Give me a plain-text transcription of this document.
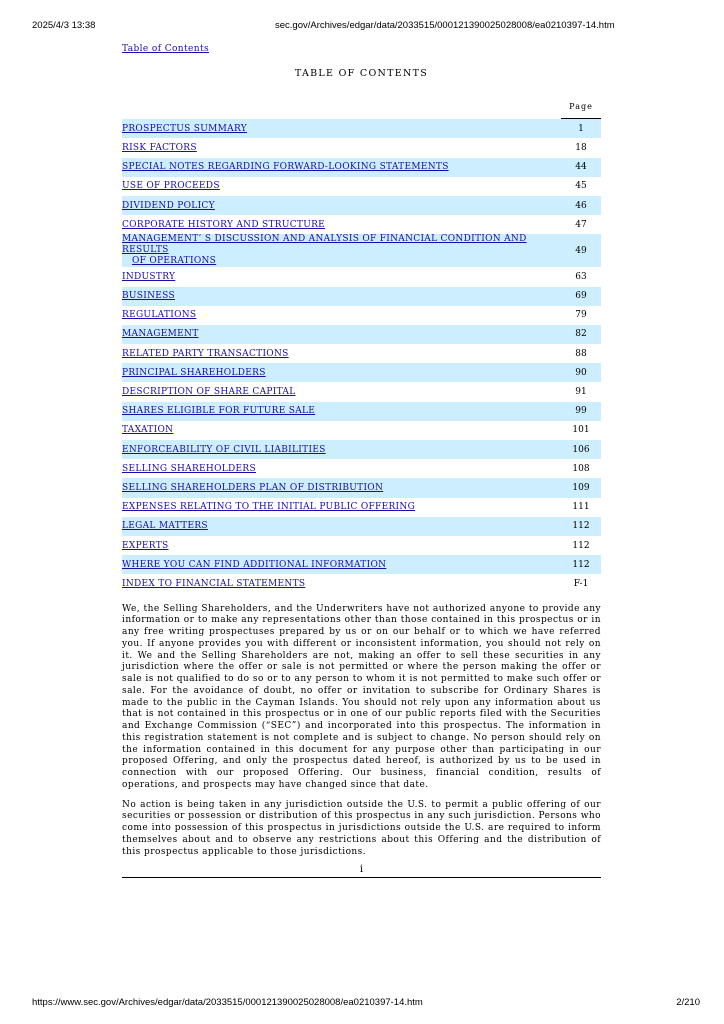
2025/4/3 13:38	sec.gov/Archives/edgar/data/2033515/000121390025028008/ea0210397-14.htm
Table of Contents
TABLE OF CONTENTS
	Page
PROSPECTUS SUMMARY	1
RISK FACTORS	18
SPECIAL NOTES REGARDING FORWARD-LOOKING STATEMENTS	44
USE OF PROCEEDS	45
DIVIDEND POLICY	46
CORPORATE HISTORY AND STRUCTURE	47

MANAGEMENT’ S DISCUSSION AND ANALYSIS OF FINANCIAL CONDITION AND RESULTS
OF OPERATIONS	49
INDUSTRY	63
BUSINESS	69
REGULATIONS	79
MANAGEMENT	82
RELATED PARTY TRANSACTIONS	88
PRINCIPAL SHAREHOLDERS	90
DESCRIPTION OF SHARE CAPITAL	91
SHARES ELIGIBLE FOR FUTURE SALE	99
TAXATION	101
ENFORCEABILITY OF CIVIL LIABILITIES	106
SELLING SHAREHOLDERS	108
SELLING SHAREHOLDERS PLAN OF DISTRIBUTION	109
EXPENSES RELATING TO THE INITIAL PUBLIC OFFERING	111
LEGAL MATTERS	112
EXPERTS	112
WHERE YOU CAN FIND ADDITIONAL INFORMATION	112
INDEX TO FINANCIAL STATEMENTS	F-1

We, the Selling Shareholders, and the Underwriters have not authorized anyone to provide any information or to make any representations other than those contained in this prospectus or in any free writing prospectuses prepared by us or on our behalf or to which we have referred you. If anyone provides you with different or inconsistent information, you should not rely on it. We and the Selling Shareholders are not, making an offer to sell these securities in any jurisdiction where the offer or sale is not permitted or where the person making the offer or sale is not qualified to do so or to any person to whom it is not permitted to make such offer or sale. For the avoidance of doubt, no offer or invitation to subscribe for Ordinary Shares is made to the public in the Cayman Islands. You should not rely upon any information about us that is not contained in this prospectus or in one of our public reports filed with the Securities and Exchange Commission (“SEC”) and incorporated into this prospectus. The information in this registration statement is not complete and is subject to change. No person should rely on the information contained in this document for any purpose other than participating in our proposed Offering, and only the prospectus dated hereof, is authorized by us to be used in connection with our proposed Offering. Our business, financial condition, results of operations, and prospects may have changed since that date.

No action is being taken in any jurisdiction outside the U.S. to permit a public offering of our securities or possession or distribution of this prospectus in any such jurisdiction. Persons who come into possession of this prospectus in jurisdictions outside the U.S. are required to inform themselves about and to observe any restrictions about this Offering and the distribution of this prospectus applicable to those jurisdictions.

i
https://www.sec.gov/Archives/edgar/data/2033515/000121390025028008/ea0210397-14.htm	2/210
